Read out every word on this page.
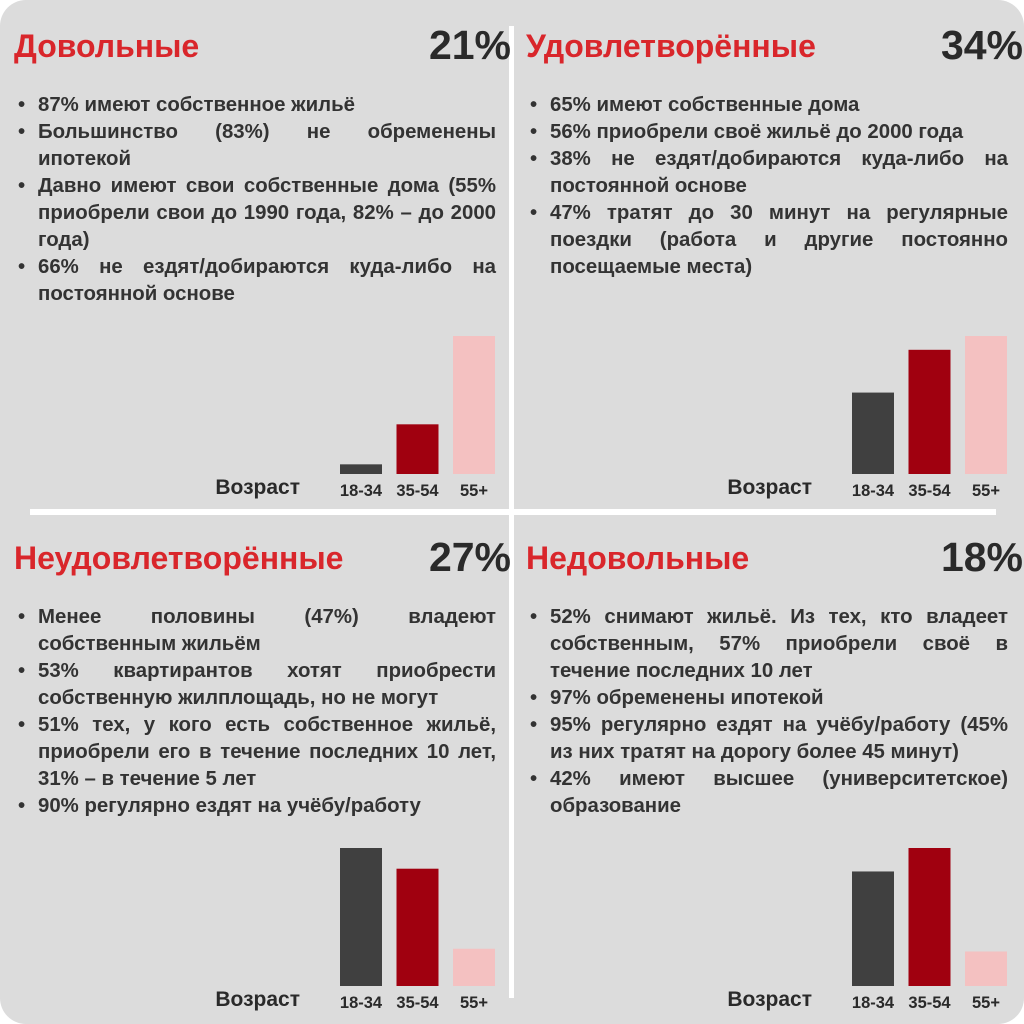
Довольные	21%
• 87% имеют собственное жильё
• Большинство (83%) не обременены ипотекой
• Давно имеют свои собственные дома (55% приобрели свои до 1990 года, 82% – до 2000 года)
• 66% не ездят/добираются куда-либо на постоянной основе
18-34 35-54 55+
Возраст
Удовлетворённые	34%
• 65% имеют собственные дома
• 56% приобрели своё жильё до 2000 года
• 38% не ездят/добираются куда-либо на постоянной основе
• 47% тратят до 30 минут на регулярные поездки (работа и другие постоянно посещаемые места)
18-34 35-54 55+
Возраст
Неудовлетворённые 27%
• Менее половины (47%) владеют собственным жильём
• 53% квартирантов хотят приобрести собственную жилплощадь, но не могут
• 51% тех, у кого есть собственное жильё, приобрели его в течение последних 10 лет, 31% – в течение 5 лет
• 90% регулярно ездят на учёбу/работу
18-34 35-54 55+
Возраст
Недовольные	18%
• 52% снимают жильё. Из тех, кто владеет собственным, 57% приобрели своё в течение последних 10 лет
• 97% обременены ипотекой
• 95% регулярно ездят на учёбу/работу (45% из них тратят на дорогу более 45 минут)
• 42% имеют высшее (университетское) образование
18-34 35-54 55+
Возраст
